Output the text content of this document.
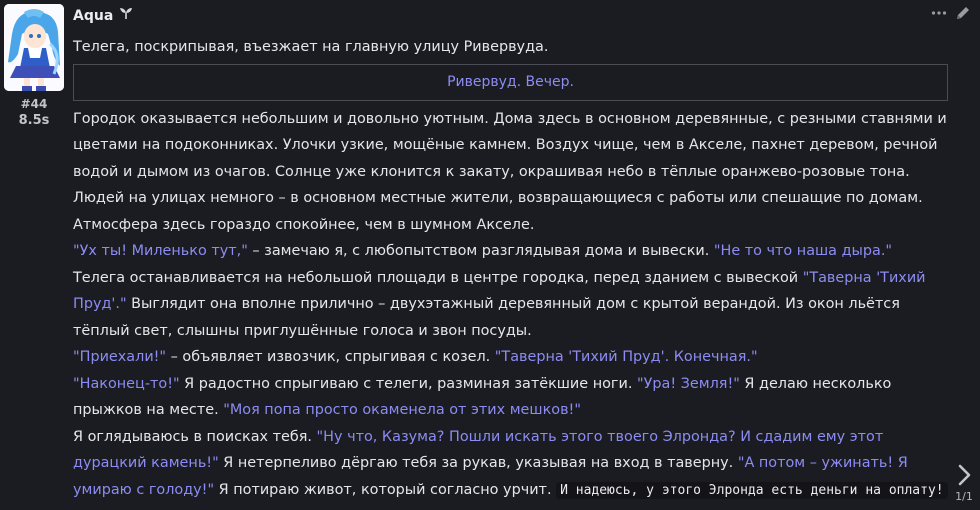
#44
8.5s
Aqua

Телега, поскрипывая, въезжает на главную улицу Ривервуда.

Ривервуд. Вечер.

Городок оказывается небольшим и довольно уютным. Дома здесь в основном деревянные, с резными ставнями и цветами на подоконниках. Улочки узкие, мощёные камнем. Воздух чище, чем в Акселе, пахнет деревом, речной водой и дымом из очагов. Солнце уже клонится к закату, окрашивая небо в тёплые оранжево-розовые тона. Людей на улицах немного – в основном местные жители, возвращающиеся с работы или спешащие по домам. Атмосфера здесь гораздо спокойнее, чем в шумном Акселе.

"Ух ты! Миленько тут," – замечаю я, с любопытством разглядывая дома и вывески. "Не то что наша дыра."

Телега останавливается на небольшой площади в центре городка, перед зданием с вывеской "Таверна 'Тихий Пруд'." Выглядит она вполне прилично – двухэтажный деревянный дом с крытой верандой. Из окон льётся тёплый свет, слышны приглушённые голоса и звон посуды.

"Приехали!" – объявляет извозчик, спрыгивая с козел. "Таверна 'Тихий Пруд'. Конечная."

"Наконец-то!" Я радостно спрыгиваю с телеги, разминая затёкшие ноги. "Ура! Земля!" Я делаю несколько прыжков на месте. "Моя попа просто окаменела от этих мешков!"

Я оглядываюсь в поисках тебя. "Ну что, Казума? Пошли искать этого твоего Элронда? И сдадим ему этот дурацкий камень!" Я нетерпеливо дёргаю тебя за рукав, указывая на вход в таверну. "А потом – ужинать! Я умираю с голоду!" Я потираю живот, который согласно урчит. И надеюсь, у этого Элронда есть деньги на оплату!	1/1
